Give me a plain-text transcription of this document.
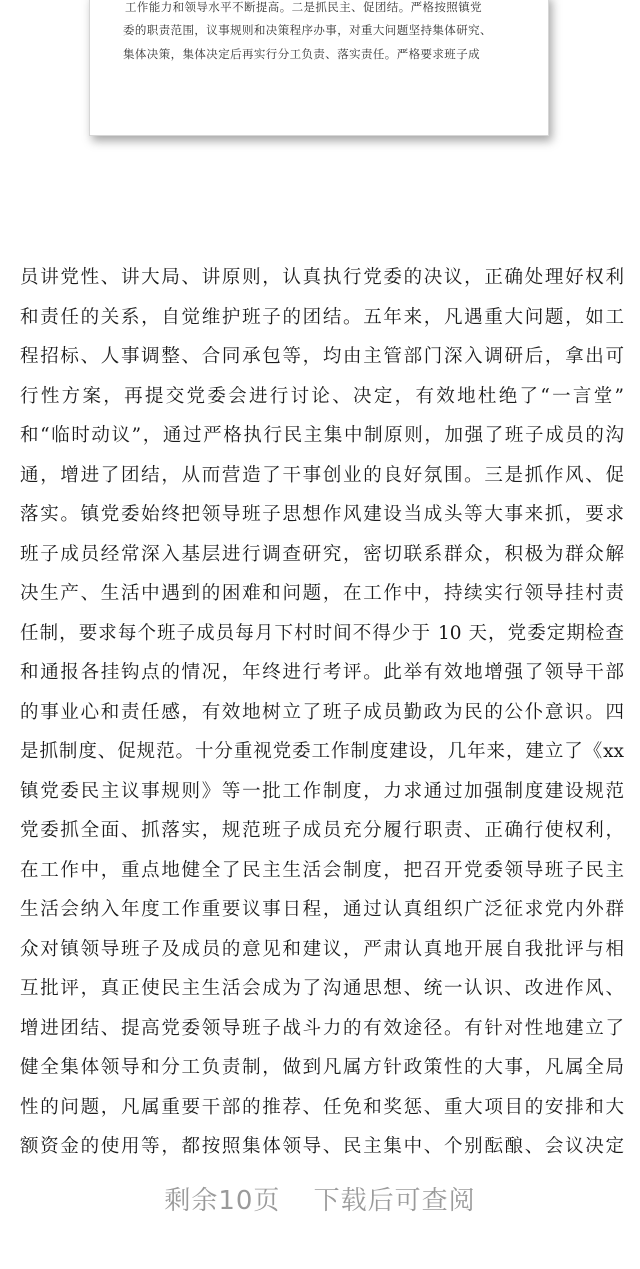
工作能力和领导水平不断提高。二是抓民主、促团结。严格按照镇党
委的职责范围，议事规则和决策程序办事，对重大问题坚持集体研究、
集体决策，集体决定后再实行分工负责、落实责任。严格要求班子成
员讲党性、讲大局、讲原则，认真执行党委的决议，正确处理好权利
和责任的关系，自觉维护班子的团结。五年来，凡遇重大问题，如工
程招标、人事调整、合同承包等，均由主管部门深入调研后，拿出可
行性方案，再提交党委会进行讨论、决定，有效地杜绝了“一言堂”
和“临时动议”，通过严格执行民主集中制原则，加强了班子成员的沟
通，增进了团结，从而营造了干事创业的良好氛围。三是抓作风、促
落实。镇党委始终把领导班子思想作风建设当成头等大事来抓，要求
班子成员经常深入基层进行调查研究，密切联系群众，积极为群众解
决生产、生活中遇到的困难和问题，在工作中，持续实行领导挂村责
任制，要求每个班子成员每月下村时间不得少于 10 天，党委定期检查
和通报各挂钩点的情况，年终进行考评。此举有效地增强了领导干部
的事业心和责任感，有效地树立了班子成员勤政为民的公仆意识。四
是抓制度、促规范。十分重视党委工作制度建设，几年来，建立了《xx
镇党委民主议事规则》等一批工作制度，力求通过加强制度建设规范
党委抓全面、抓落实，规范班子成员充分履行职责、正确行使权利，
在工作中，重点地健全了民主生活会制度，把召开党委领导班子民主
生活会纳入年度工作重要议事日程，通过认真组织广泛征求党内外群
众对镇领导班子及成员的意见和建议，严肃认真地开展自我批评与相
互批评，真正使民主生活会成为了沟通思想、统一认识、改进作风、
增进团结、提高党委领导班子战斗力的有效途径。有针对性地建立了
健全集体领导和分工负责制，做到凡属方针政策性的大事，凡属全局
性的问题，凡属重要干部的推荐、任免和奖惩、重大项目的安排和大
额资金的使用等，都按照集体领导、民主集中、个别酝酿、会议决定
剩余10页 下载后可查阅
